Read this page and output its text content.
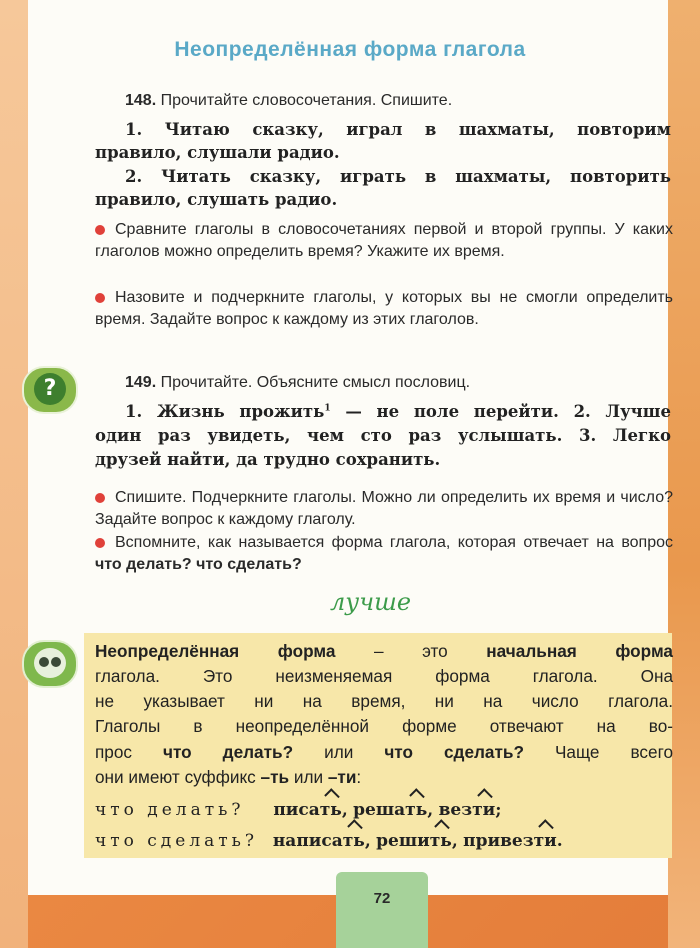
Неопределённая форма глагола
148. Прочитайте словосочетания. Спишите.
1. Читаю сказку, играл в шахматы, повторим
правило, слушали радио.
2. Читать сказку, играть в шахматы, повторить
правило, слушать радио.
Сравните глаголы в словосочетаниях первой и второй группы. У каких глаголов можно определить время? Укажите их время.
Назовите и подчеркните глаголы, у которых вы не смогли определить время. Задайте вопрос к каждому из этих глаголов.
?	149. Прочитайте. Объясните смысл пословиц.
1. Жизнь прожить$^1$ — не поле перейти. 2. Лучше
один раз увидеть, чем сто раз услышать. 3. Легко
друзей найти, да трудно сохранить.
Спишите. Подчеркните глаголы. Можно ли определить их время и число? Задайте вопрос к каждому глаголу.
Вспомните, как называется форма глагола, которая отвечает на вопрос что делать? что сделать?
лучше
Неопределённая форма – это начальная форма
глагола. Это неизменяемая форма глагола. Она
не указывает ни на время, ни на число глагола.
Глаголы в неопределённой форме отвечают на во-
прос что делать? или что сделать? Чаще всего
они имеют суффикс –ть или –ти:
что делать? писать, решать, везти;
что сделать? написать, решить, привезти.
72
